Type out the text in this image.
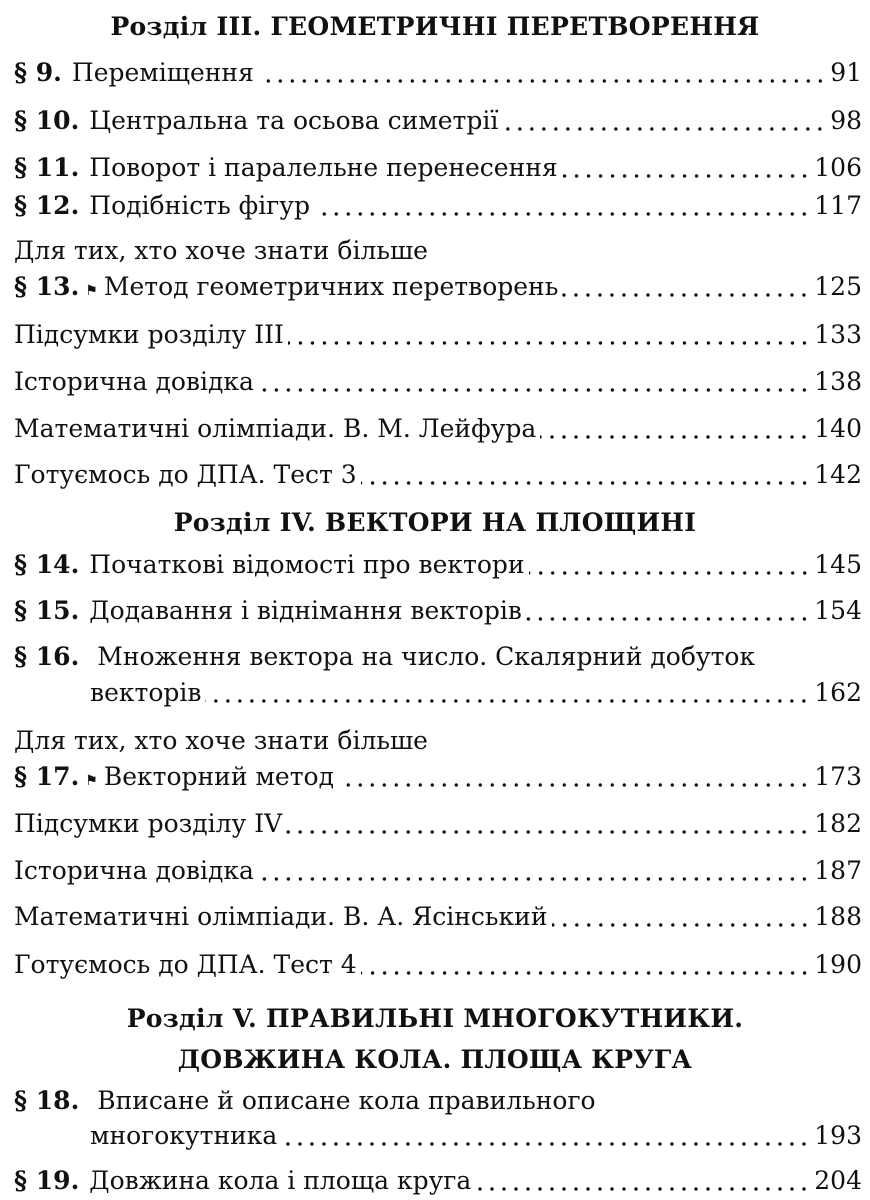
Розділ III. ГЕОМЕТРИЧНІ ПЕРЕТВОРЕННЯ
§ 9. Переміщення	91
§ 10. Центральна та осьова симетрії	98
§ 11. Поворот і паралельне перенесення	106
§ 12. Подібність фігур	117
Для тих, хто хоче знати більше
§ 13. ⚑ Метод геометричних перетворень	125
Підсумки розділу III	133
Історична довідка	138
Математичні олімпіади. В. М. Лейфура	140
Готуємось до ДПА. Тест 3	142
Розділ IV. ВЕКТОРИ НА ПЛОЩИНІ
§ 14. Початкові відомості про вектори	145
§ 15. Додавання і віднімання векторів	154
§ 16. Множення вектора на число. Скалярний добуток
векторів	162
Для тих, хто хоче знати більше
§ 17. ⚑ Векторний метод	173
Підсумки розділу IV	182
Історична довідка	187
Математичні олімпіади. В. А. Ясінський	188
Готуємось до ДПА. Тест 4	190
Розділ V. ПРАВИЛЬНІ МНОГОКУТНИКИ.
ДОВЖИНА КОЛА. ПЛОЩА КРУГА
§ 18. Вписане й описане кола правильного
многокутника	193
§ 19. Довжина кола і площа круга	204
